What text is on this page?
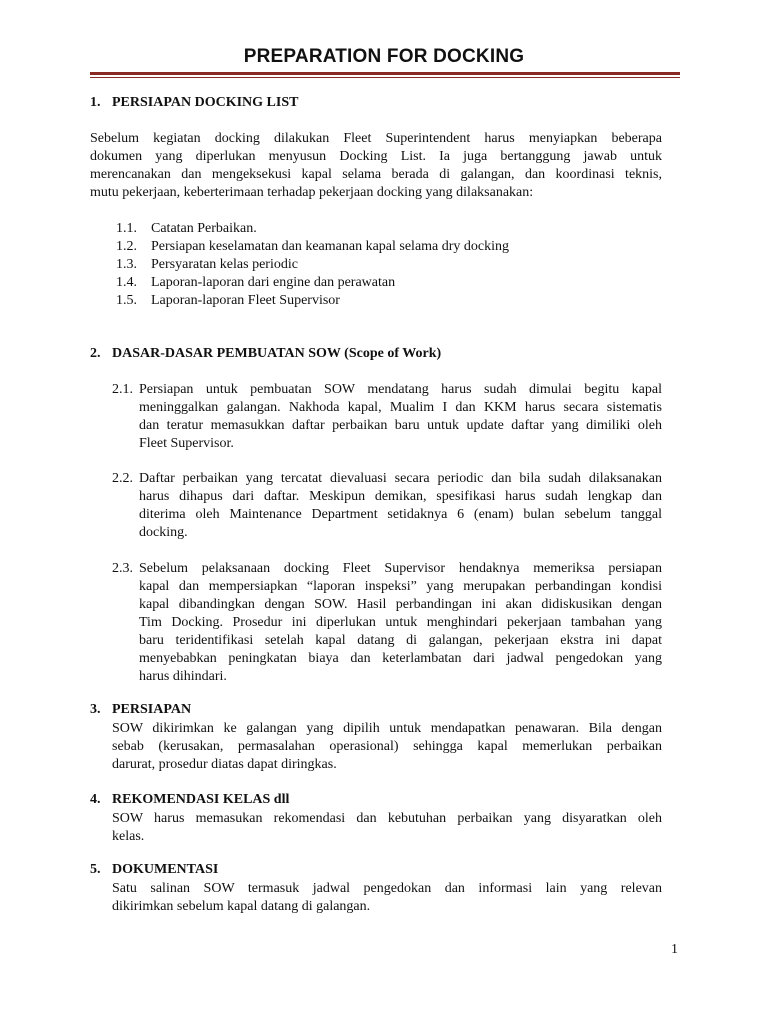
PREPARATION FOR DOCKING
1. PERSIAPAN DOCKING LIST
Sebelum kegiatan docking dilakukan Fleet Superintendent harus menyiapkan beberapa
dokumen yang diperlukan menyusun Docking List. Ia juga bertanggung jawab untuk
merencanakan dan mengeksekusi kapal selama berada di galangan, dan koordinasi teknis,
mutu pekerjaan, keberterimaan terhadap pekerjaan docking yang dilaksanakan:
1.1. Catatan Perbaikan.
1.2. Persiapan keselamatan dan keamanan kapal selama dry docking
1.3. Persyaratan kelas periodic
1.4. Laporan-laporan dari engine dan perawatan
1.5. Laporan-laporan Fleet Supervisor
2. DASAR-DASAR PEMBUATAN SOW (Scope of Work)
2.1. Persiapan untuk pembuatan SOW mendatang harus sudah dimulai begitu kapal
meninggalkan galangan. Nakhoda kapal, Mualim I dan KKM harus secara sistematis
dan teratur memasukkan daftar perbaikan baru untuk update daftar yang dimiliki oleh
Fleet Supervisor.
2.2. Daftar perbaikan yang tercatat dievaluasi secara periodic dan bila sudah dilaksanakan
harus dihapus dari daftar. Meskipun demikan, spesifikasi harus sudah lengkap dan
diterima oleh Maintenance Department setidaknya 6 (enam) bulan sebelum tanggal
docking.
2.3. Sebelum pelaksanaan docking Fleet Supervisor hendaknya memeriksa persiapan
kapal dan mempersiapkan “laporan inspeksi” yang merupakan perbandingan kondisi
kapal dibandingkan dengan SOW. Hasil perbandingan ini akan didiskusikan dengan
Tim Docking. Prosedur ini diperlukan untuk menghindari pekerjaan tambahan yang
baru teridentifikasi setelah kapal datang di galangan, pekerjaan ekstra ini dapat
menyebabkan peningkatan biaya dan keterlambatan dari jadwal pengedokan yang
harus dihindari.
3. PERSIAPAN
SOW dikirimkan ke galangan yang dipilih untuk mendapatkan penawaran. Bila dengan
sebab (kerusakan, permasalahan operasional) sehingga kapal memerlukan perbaikan
darurat, prosedur diatas dapat diringkas.
4. REKOMENDASI KELAS dll
SOW harus memasukan rekomendasi dan kebutuhan perbaikan yang disyaratkan oleh
kelas.
5. DOKUMENTASI
Satu salinan SOW termasuk jadwal pengedokan dan informasi lain yang relevan
dikirimkan sebelum kapal datang di galangan.
1
